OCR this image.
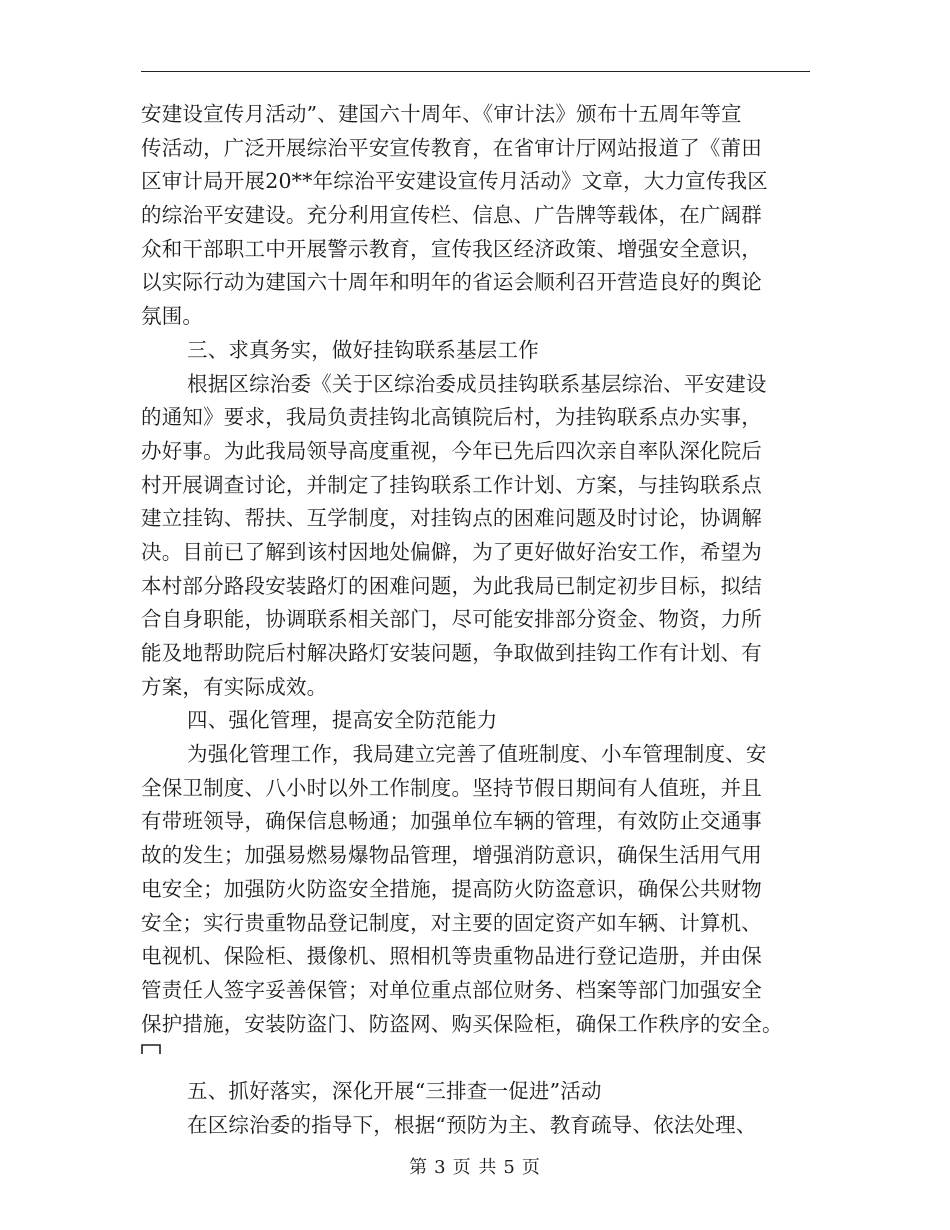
安建设宣传月活动”、建国六十周年、《审计法》颁布十五周年等宣
传活动，广泛开展综治平安宣传教育，在省审计厅网站报道了《莆田
区审计局开展20**年综治平安建设宣传月活动》文章，大力宣传我区
的综治平安建设。充分利用宣传栏、信息、广告牌等载体，在广阔群
众和干部职工中开展警示教育，宣传我区经济政策、增强安全意识，
以实际行动为建国六十周年和明年的省运会顺利召开营造良好的舆论
氛围。
三、求真务实，做好挂钩联系基层工作
根据区综治委《关于区综治委成员挂钩联系基层综治、平安建设
的通知》要求，我局负责挂钩北高镇院后村，为挂钩联系点办实事，
办好事。为此我局领导高度重视，今年已先后四次亲自率队深化院后
村开展调查讨论，并制定了挂钩联系工作计划、方案，与挂钩联系点
建立挂钩、帮扶、互学制度，对挂钩点的困难问题及时讨论，协调解
决。目前已了解到该村因地处偏僻，为了更好做好治安工作，希望为
本村部分路段安装路灯的困难问题，为此我局已制定初步目标，拟结
合自身职能，协调联系相关部门，尽可能安排部分资金、物资，力所
能及地帮助院后村解决路灯安装问题，争取做到挂钩工作有计划、有
方案，有实际成效。
四、强化管理，提高安全防范能力
为强化管理工作，我局建立完善了值班制度、小车管理制度、安
全保卫制度、八小时以外工作制度。坚持节假日期间有人值班，并且
有带班领导，确保信息畅通；加强单位车辆的管理，有效防止交通事
故的发生；加强易燃易爆物品管理，增强消防意识，确保生活用气用
电安全；加强防火防盗安全措施，提高防火防盗意识，确保公共财物
安全；实行贵重物品登记制度，对主要的固定资产如车辆、计算机、
电视机、保险柜、摄像机、照相机等贵重物品进行登记造册，并由保
管责任人签字妥善保管；对单位重点部位财务、档案等部门加强安全
保护措施，安装防盗门、防盗网、购买保险柜，确保工作秩序的安全。
五、抓好落实，深化开展“三排查一促进”活动
在区综治委的指导下，根据“预防为主、教育疏导、依法处理、
第 3 页 共 5 页
